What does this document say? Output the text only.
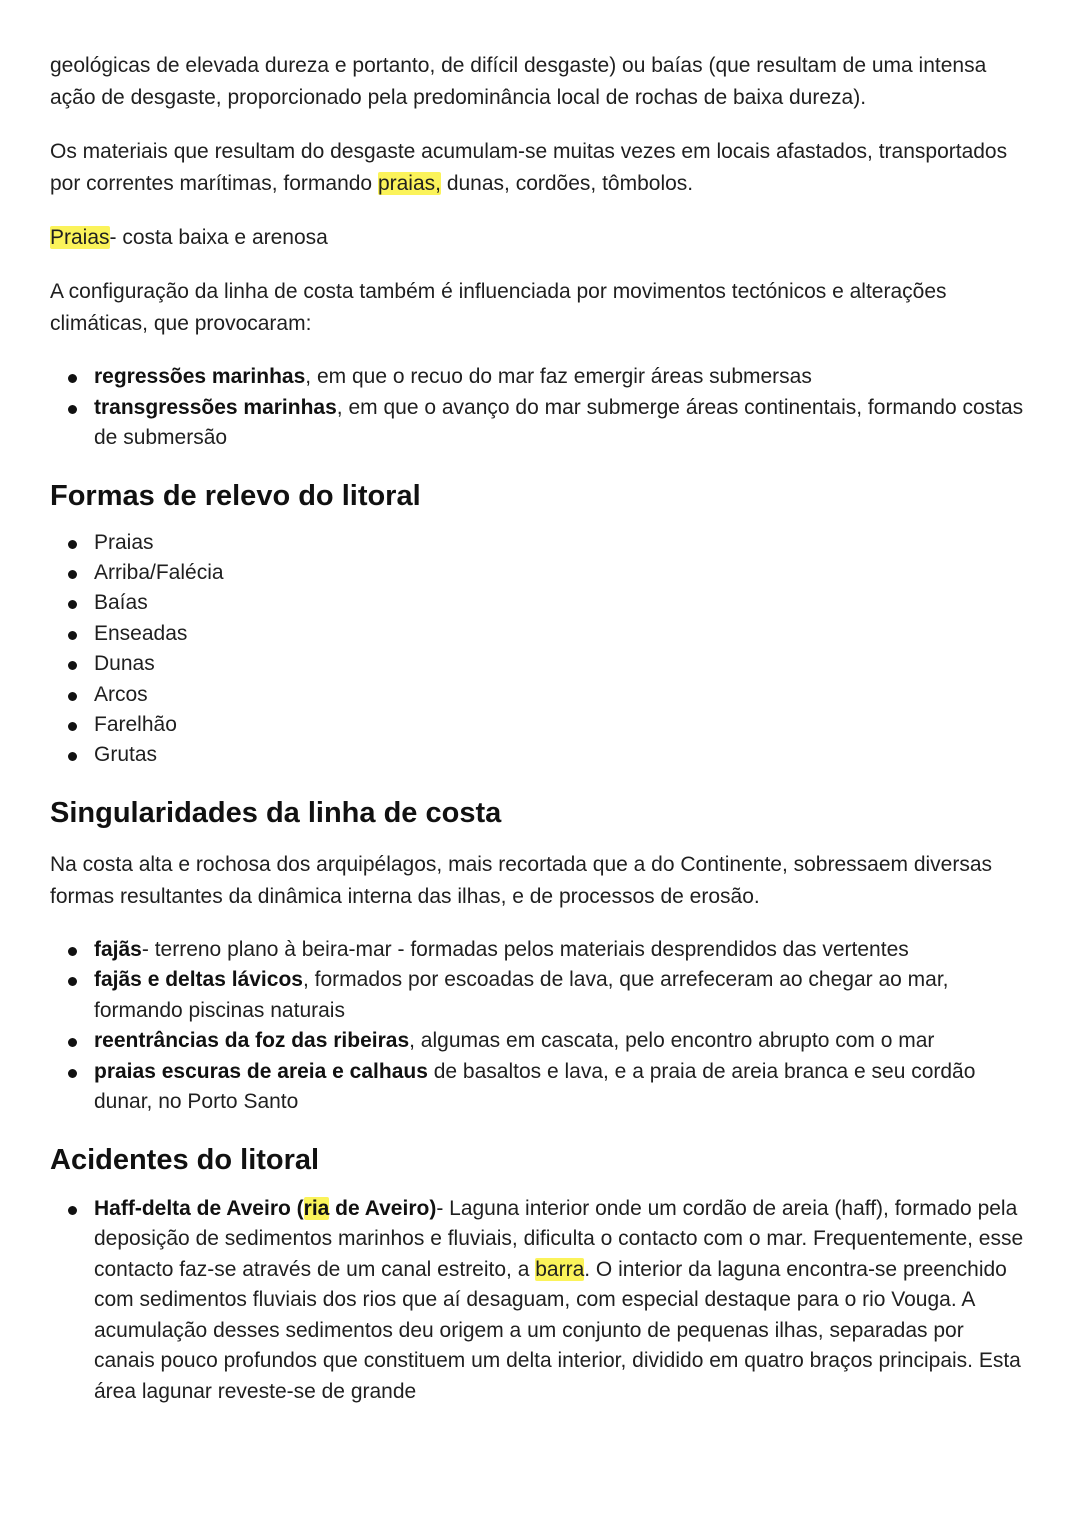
geológicas de elevada dureza e portanto, de difícil desgaste) ou baías (que resultam de uma intensa ação de desgaste, proporcionado pela predominância local de rochas de baixa dureza).

Os materiais que resultam do desgaste acumulam-se muitas vezes em locais afastados, transportados por correntes marítimas, formando praias, dunas, cordões, tômbolos.

Praias- costa baixa e arenosa

A configuração da linha de costa também é influenciada por movimentos tectónicos e alterações climáticas, que provocaram:

regressões marinhas, em que o recuo do mar faz emergir áreas submersas
transgressões marinhas, em que o avanço do mar submerge áreas continentais, formando costas de submersão
Formas de relevo do litoral
Praias
Arriba/Falécia
Baías
Enseadas
Dunas
Arcos
Farelhão
Grutas
Singularidades da linha de costa

Na costa alta e rochosa dos arquipélagos, mais recortada que a do Continente, sobressaem diversas formas resultantes da dinâmica interna das ilhas, e de processos de erosão.

fajãs- terreno plano à beira-mar - formadas pelos materiais desprendidos das vertentes
fajãs e deltas lávicos, formados por escoadas de lava, que arrefeceram ao chegar ao mar, formando piscinas naturais
reentrâncias da foz das ribeiras, algumas em cascata, pelo encontro abrupto com o mar
praias escuras de areia e calhaus de basaltos e lava, e a praia de areia branca e seu cordão dunar, no Porto Santo
Acidentes do litoral
Haff-delta de Aveiro (ria de Aveiro)- Laguna interior onde um cordão de areia (haff), formado pela deposição de sedimentos marinhos e fluviais, dificulta o contacto com o mar. Frequentemente, esse contacto faz-se através de um canal estreito, a barra. O interior da laguna encontra-se preenchido com sedimentos fluviais dos rios que aí desaguam, com especial destaque para o rio Vouga. A acumulação desses sedimentos deu origem a um conjunto de pequenas ilhas, separadas por canais pouco profundos que constituem um delta interior, dividido em quatro braços principais. Esta área lagunar reveste-se de grande
